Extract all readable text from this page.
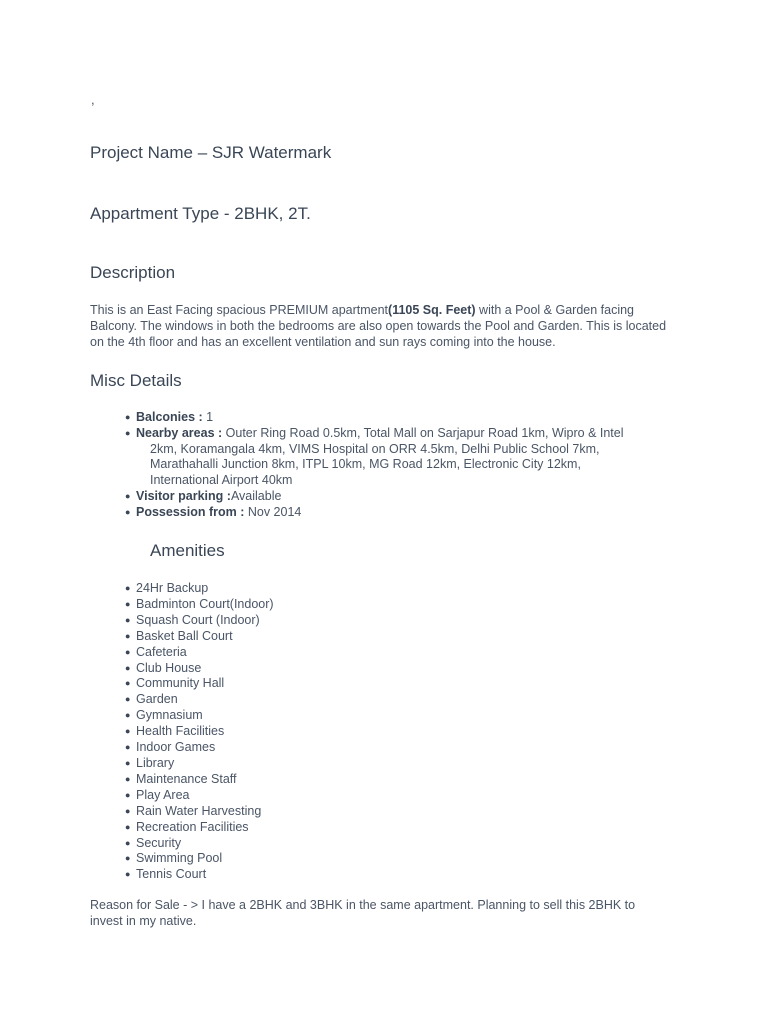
,
Project Name – SJR Watermark
Appartment Type - 2BHK, 2T.
Description

This is an East Facing spacious PREMIUM apartment(1105 Sq. Feet) with a Pool & Garden facing Balcony. The windows in both the bedrooms are also open towards the Pool and Garden. This is located on the 4th floor and has an excellent ventilation and sun rays coming into the house.

Misc Details
● Balconies : 1
● Nearby areas : Outer Ring Road 0.5km, Total Mall on Sarjapur Road 1km, Wipro & Intel
2km, Koramangala 4km, VIMS Hospital on ORR 4.5km, Delhi Public School 7km,
Marathahalli Junction 8km, ITPL 10km, MG Road 12km, Electronic City 12km,
International Airport 40km
● Visitor parking :Available
● Possession from : Nov 2014
Amenities
● 24Hr Backup
● Badminton Court(Indoor)
● Squash Court (Indoor)
● Basket Ball Court
● Cafeteria
● Club House
● Community Hall
● Garden
● Gymnasium
● Health Facilities
● Indoor Games
● Library
● Maintenance Staff
● Play Area
● Rain Water Harvesting
● Recreation Facilities
● Security
● Swimming Pool
● Tennis Court

Reason for Sale - > I have a 2BHK and 3BHK in the same apartment. Planning to sell this 2BHK to invest in my native.
